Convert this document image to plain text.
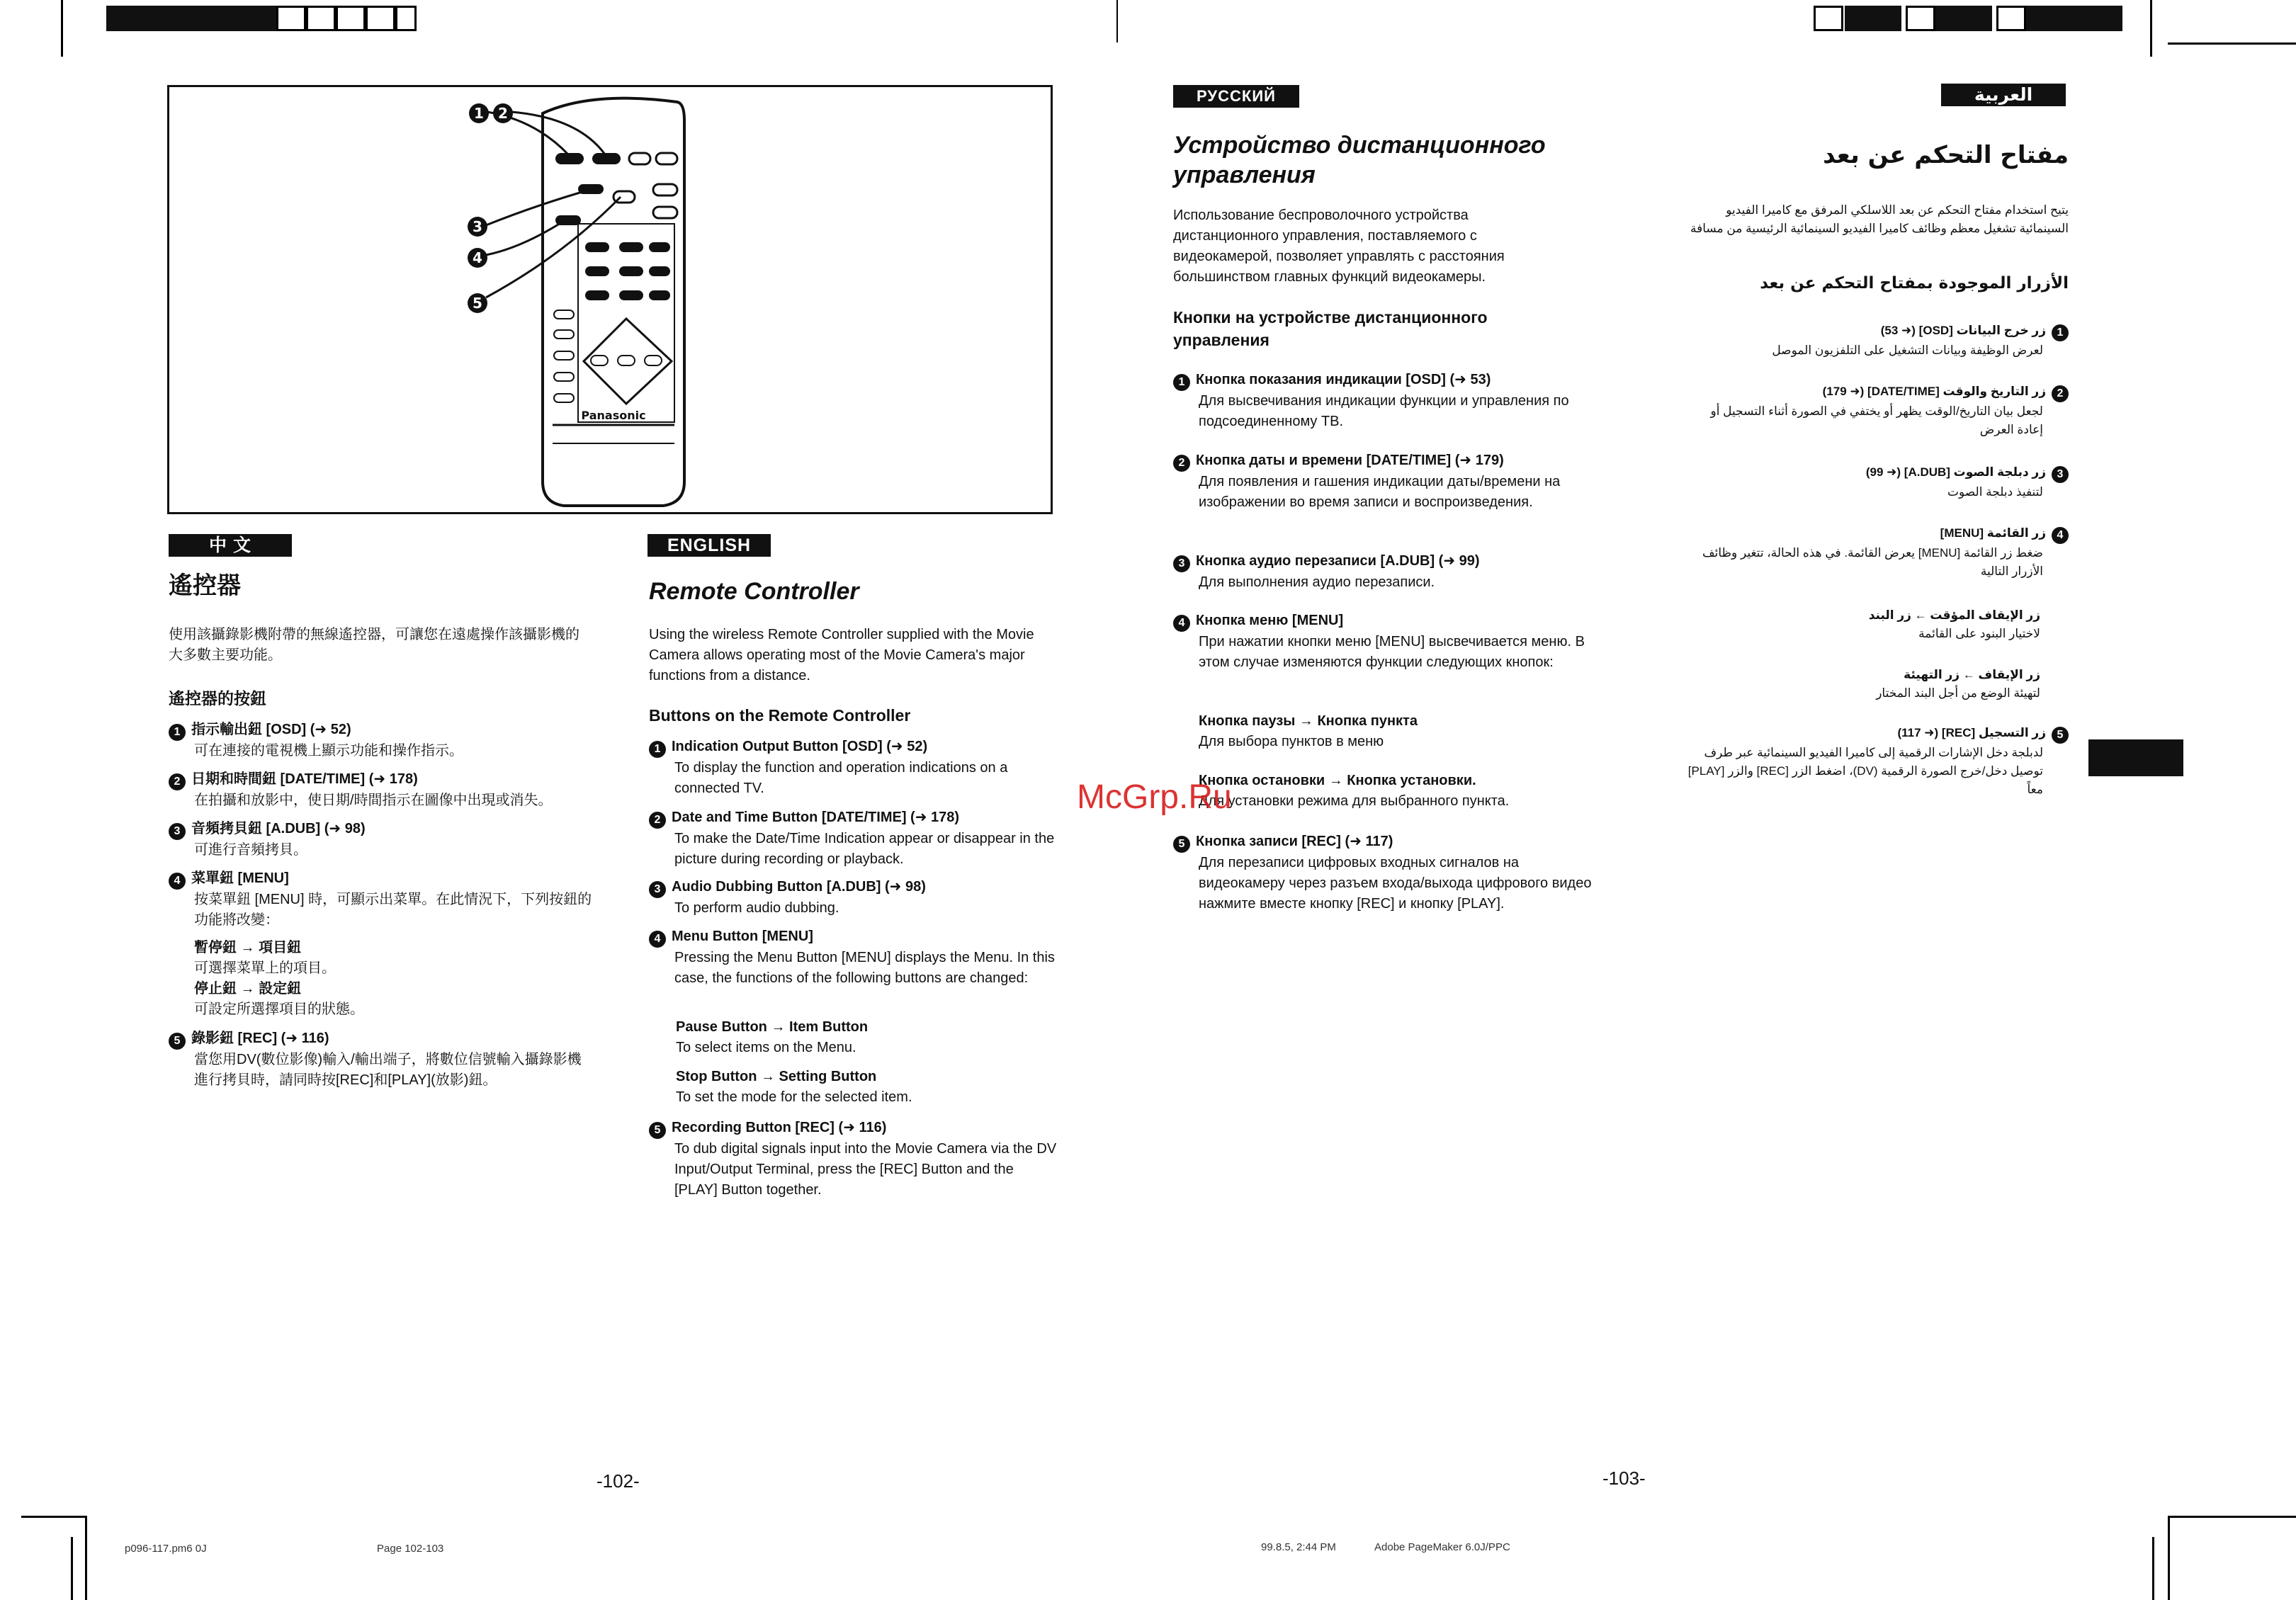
1 2
3
4
5
Panasonic
中 文
遙控器
使用該攝錄影機附帶的無線遙控器，可讓您在遠處操作該攝影機的大多數主要功能。
遙控器的按鈕
1 指示輸出鈕 [OSD] (➜ 52)
可在連接的電視機上顯示功能和操作指示。
2 日期和時間鈕 [DATE/TIME] (➜ 178)
在拍攝和放影中，使日期/時間指示在圖像中出現或消失。
3 音頻拷貝鈕 [A.DUB] (➜ 98)
可進行音頻拷貝。
4 菜單鈕 [MENU]
按菜單鈕 [MENU] 時，可顯示出菜單。在此情況下，下列按鈕的功能將改變：
暫停鈕 → 項目鈕
可選擇菜單上的項目。
停止鈕 → 設定鈕
可設定所選擇項目的狀態。
5 錄影鈕 [REC] (➜ 116)
當您用DV(數位影像)輸入/輸出端子，將數位信號輸入攝錄影機進行拷貝時，請同時按[REC]和[PLAY](放影)鈕。
ENGLISH
Remote Controller
Using the wireless Remote Controller supplied with the Movie Camera allows operating most of the Movie Camera's major functions from a distance.
Buttons on the Remote Controller
1 Indication Output Button [OSD] (➜ 52)
To display the function and operation indications on a connected TV.
2 Date and Time Button [DATE/TIME] (➜ 178)
To make the Date/Time Indication appear or disappear in the picture during recording or playback.
3 Audio Dubbing Button [A.DUB] (➜ 98)
To perform audio dubbing.
4 Menu Button [MENU]
Pressing the Menu Button [MENU] displays the Menu. In this case, the functions of the following buttons are changed:
Pause Button → Item Button
To select items on the Menu.
Stop Button → Setting Button
To set the mode for the selected item.
5 Recording Button [REC] (➜ 116)
To dub digital signals input into the Movie Camera via the DV Input/Output Terminal, press the [REC] Button and the [PLAY] Button together.
-102-
РУССКИЙ ЯЗЫК
Устройство дистанционного управления
Использование беспроволочного устройства дистанционного управления, поставляемого с видеокамерой, позволяет управлять с расстояния большинством главных функций видеокамеры.
Кнопки на устройстве дистанционного управления
1 Кнопка показания индикации [OSD] (➜ 53)
Для высвечивания индикации функции и управления по подсоединенному ТВ.
2 Кнопка даты и времени [DATE/TIME] (➜ 179)
Для появления и гашения индикации даты/времени на изображении во время записи и воспроизведения.
3 Кнопка аудио перезаписи [A.DUB] (➜ 99)
Для выполнения аудио перезаписи.
4 Кнопка меню [MENU]
При нажатии кнопки меню [MENU] высвечивается меню. В этом случае изменяются функции следующих кнопок:
Кнопка паузы → Кнопка пункта
Для выбора пунктов в меню
Кнопка остановки → Кнопка установки.
Для установки режима для выбранного пункта.
5 Кнопка записи [REC] (➜ 117)
Для перезаписи цифровых входных сигналов на видеокамеру через разъем входа/выхода цифрового видео нажмите вместе кнопку [REC] и кнопку [PLAY].
McGrp.Ru
العربية
مفتاح التحكم عن بعد
يتيح استخدام مفتاح التحكم عن بعد اللاسلكي المرفق مع كاميرا الفيديو السينمائية تشغيل معظم وظائف كاميرا الفيديو السينمائية الرئيسية من مسافة
الأزرار الموجودة بمفتاح التحكم عن بعد
1زر خرج البيانات [OSD] (➜ 53)
لعرض الوظيفة وبيانات التشغيل على التلفزيون الموصل
2زر التاريخ والوقت [DATE/TIME] (➜ 179)
لجعل بيان التاريخ/الوقت يظهر أو يختفي في الصورة أثناء التسجيل أو إعادة العرض
3زر دبلجة الصوت [A.DUB] (➜ 99)
لتنفيذ دبلجة الصوت
4زر القائمة [MENU]
ضغط زر القائمة [MENU] يعرض القائمة. في هذه الحالة، تتغير وظائف الأزرار التالية
زر الإيقاف المؤقت ← زر البند
لاختيار البنود على القائمة
زر الإيقاف ← زر التهيئة
لتهيئة الوضع من أجل البند المختار
5زر التسجيل [REC] (➜ 117)
لدبلجة دخل الإشارات الرقمية إلى كاميرا الفيديو السينمائية عبر طرف توصيل دخل/خرج الصورة الرقمية (DV)، اضغط الزر [REC] والزر [PLAY] معاً
-103-
p096-117.pm6 0J	Page 102-103	99.8.5, 2:44 PM	Adobe PageMaker 6.0J/PPC
